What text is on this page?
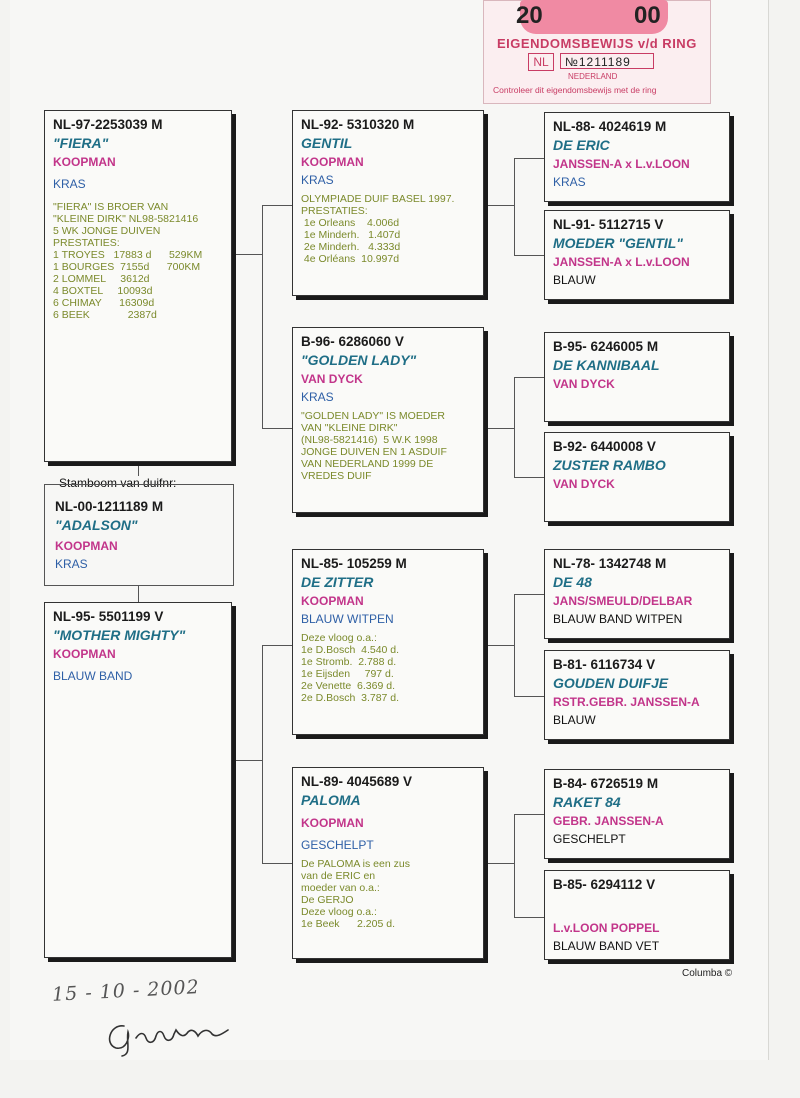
20	00
EIGENDOMSBEWIJS v/d RING
NL	№1211189
NEDERLAND
Controleer dit eigendomsbewijs met de ring
NL-97-2253039 M
"FIERA"
KOOPMAN
KRAS
"FIERA" IS BROER VAN
"KLEINE DIRK" NL98-5821416
5 WK JONGE DUIVEN
PRESTATIES:
1 TROYES   17883 d      529KM
1 BOURGES  7155d      700KM
2 LOMMEL     3612d
4 BOXTEL     10093d
6 CHIMAY      16309d
6 BEEK             2387d
Stamboom van duifnr:
NL-00-1211189 M
"ADALSON"
KOOPMAN
KRAS
NL-95- 5501199 V
"MOTHER MIGHTY"
KOOPMAN
BLAUW BAND
NL-92- 5310320 M
GENTIL
KOOPMAN
KRAS
OLYMPIADE DUIF BASEL 1997.
PRESTATIES:
1e Orleans    4.006d
1e Minderh.   1.407d
2e Minderh.   4.333d
4e Orléans  10.997d
B-96- 6286060 V
"GOLDEN LADY"
VAN DYCK
KRAS
"GOLDEN LADY" IS MOEDER
VAN "KLEINE DIRK"
(NL98-5821416)  5 W.K 1998
JONGE DUIVEN EN 1 ASDUIF
VAN NEDERLAND 1999 DE
VREDES DUIF
NL-85- 105259 M
DE ZITTER
KOOPMAN
BLAUW WITPEN
Deze vloog o.a.:
1e D.Bosch  4.540 d.
1e Stromb.  2.788 d.
1e Eijsden     797 d.
2e Venette  6.369 d.
2e D.Bosch  3.787 d.
NL-89- 4045689 V
PALOMA
KOOPMAN
GESCHELPT
De PALOMA is een zus
van de ERIC en
moeder van o.a.:
De GERJO
Deze vloog o.a.:
1e Beek      2.205 d.
NL-88- 4024619 M
DE ERIC
JANSSEN-A x L.v.LOON
KRAS
NL-91- 5112715 V
MOEDER "GENTIL"
JANSSEN-A x L.v.LOON
BLAUW
B-95- 6246005 M
DE KANNIBAAL
VAN DYCK
B-92- 6440008 V
ZUSTER RAMBO
VAN DYCK
NL-78- 1342748 M
DE 48
JANS/SMEULD/DELBAR
BLAUW BAND WITPEN
B-81- 6116734 V
GOUDEN DUIFJE
RSTR.GEBR. JANSSEN-A
BLAUW
B-84- 6726519 M
RAKET 84
GEBR. JANSSEN-A
GESCHELPT
B-85- 6294112 V
L.v.LOON POPPEL
BLAUW BAND VET
Columba ©
15 - 10 - 2002
